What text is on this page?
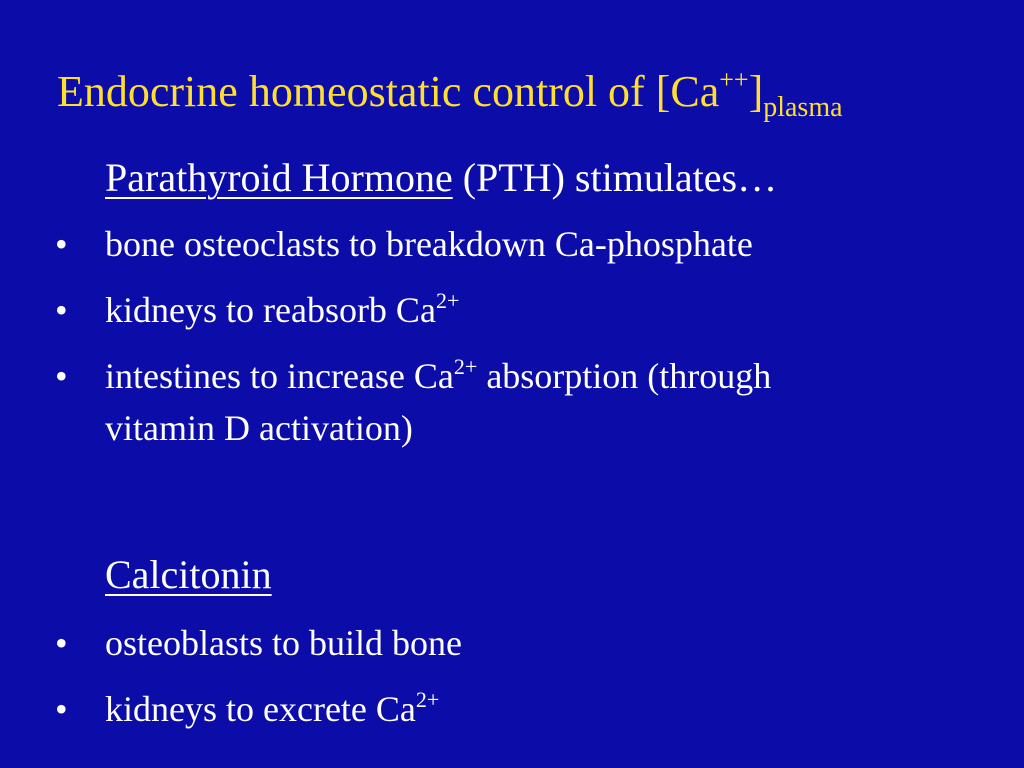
Endocrine homeostatic control of $[Ca^{++}]_{plasma}$
Parathyroid Hormone (PTH) stimulates…
• bone osteoclasts to breakdown Ca-phosphate
• kidneys to reabsorb $Ca^{2+}$
• intestines to increase $Ca^{2+}$ absorption (through
vitamin D activation)
Calcitonin
• osteoblasts to build bone
• kidneys to excrete $Ca^{2+}$
